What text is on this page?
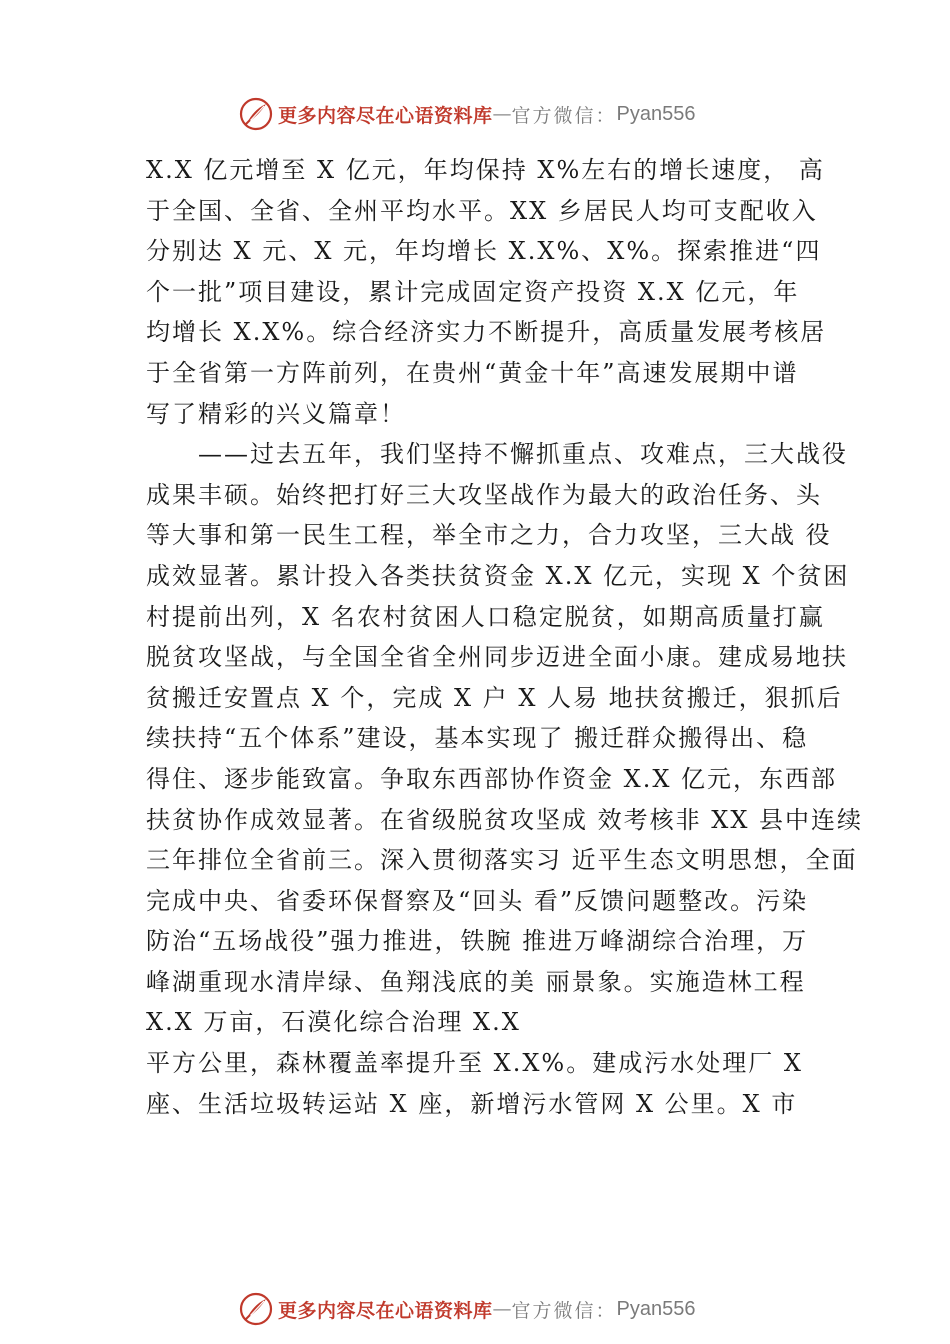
更多内容尽在心语资料库 — 官方微信： Pyan556
X.X 亿元增至 X 亿元，年均保持 X%左右的增长速度， 高
于全国、全省、全州平均水平。XX 乡居民人均可支配收入
分别达 X 元、X 元，年均增长 X.X%、X%。探索推进“四
个一批”项目建设，累计完成固定资产投资 X.X 亿元，年
均增长 X.X%。综合经济实力不断提升，高质量发展考核居
于全省第一方阵前列，在贵州“黄金十年”高速发展期中谱
写了精彩的兴义篇章！
　　——过去五年，我们坚持不懈抓重点、攻难点，三大战役
成果丰硕。始终把打好三大攻坚战作为最大的政治任务、头
等大事和第一民生工程，举全市之力，合力攻坚，三大战 役
成效显著。累计投入各类扶贫资金 X.X 亿元，实现 X 个贫困
村提前出列，X 名农村贫困人口稳定脱贫，如期高质量打赢
脱贫攻坚战，与全国全省全州同步迈进全面小康。建成易地扶
贫搬迁安置点 X 个，完成 X 户 X 人易 地扶贫搬迁，狠抓后
续扶持“五个体系”建设，基本实现了 搬迁群众搬得出、稳
得住、逐步能致富。争取东西部协作资金 X.X 亿元，东西部
扶贫协作成效显著。在省级脱贫攻坚成 效考核非 XX 县中连续
三年排位全省前三。深入贯彻落实习 近平生态文明思想，全面
完成中央、省委环保督察及“回头 看”反馈问题整改。污染
防治“五场战役”强力推进，铁腕 推进万峰湖综合治理，万
峰湖重现水清岸绿、鱼翔浅底的美 丽景象。实施造林工程
X.X 万亩，石漠化综合治理 X.X
平方公里，森林覆盖率提升至 X.X%。建成污水处理厂 X
座、生活垃圾转运站 X 座，新增污水管网 X 公里。X 市
更多内容尽在心语资料库 — 官方微信： Pyan556
